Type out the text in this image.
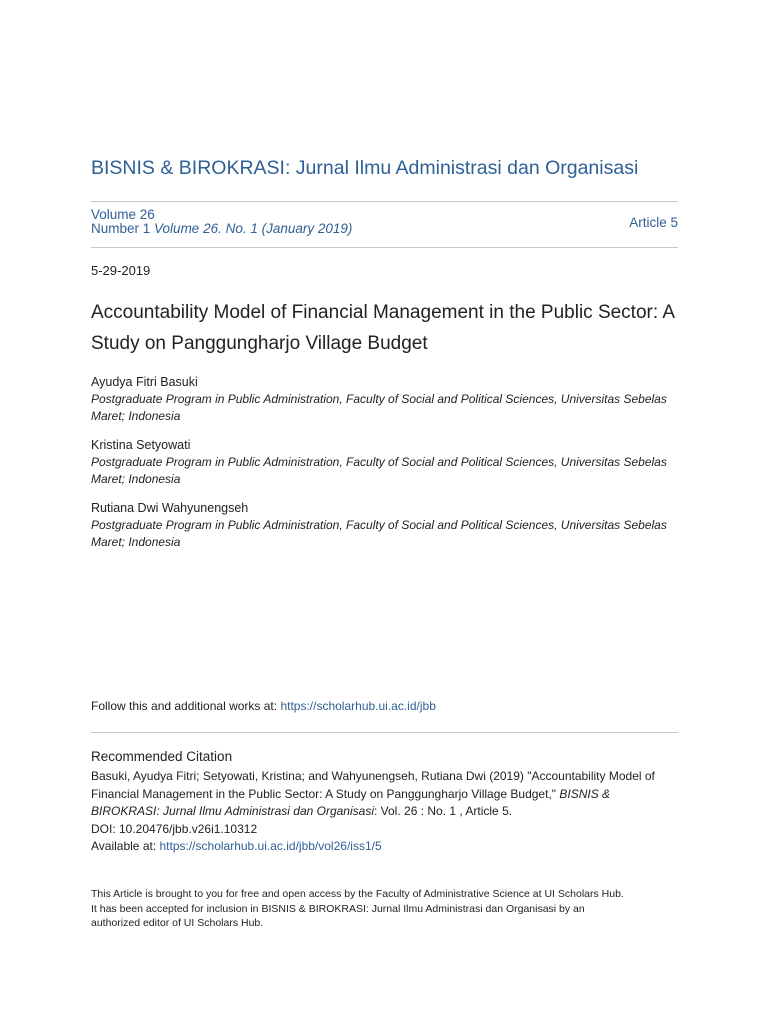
BISNIS & BIROKRASI: Jurnal Ilmu Administrasi dan Organisasi
Volume 26
Number 1 Volume 26. No. 1 (January 2019)	Article 5
5-29-2019
Accountability Model of Financial Management in the Public Sector: A Study on Panggungharjo Village Budget
Ayudya Fitri Basuki
Postgraduate Program in Public Administration, Faculty of Social and Political Sciences, Universitas Sebelas Maret; Indonesia
Kristina Setyowati
Postgraduate Program in Public Administration, Faculty of Social and Political Sciences, Universitas Sebelas Maret; Indonesia
Rutiana Dwi Wahyunengseh
Postgraduate Program in Public Administration, Faculty of Social and Political Sciences, Universitas Sebelas Maret; Indonesia
Follow this and additional works at: https://scholarhub.ui.ac.id/jbb
Recommended Citation
Basuki, Ayudya Fitri; Setyowati, Kristina; and Wahyunengseh, Rutiana Dwi (2019) "Accountability Model of Financial Management in the Public Sector: A Study on Panggungharjo Village Budget," BISNIS & BIROKRASI: Jurnal Ilmu Administrasi dan Organisasi: Vol. 26 : No. 1 , Article 5.
DOI: 10.20476/jbb.v26i1.10312
Available at: https://scholarhub.ui.ac.id/jbb/vol26/iss1/5
This Article is brought to you for free and open access by the Faculty of Administrative Science at UI Scholars Hub.
It has been accepted for inclusion in BISNIS & BIROKRASI: Jurnal Ilmu Administrasi dan Organisasi by an
authorized editor of UI Scholars Hub.
